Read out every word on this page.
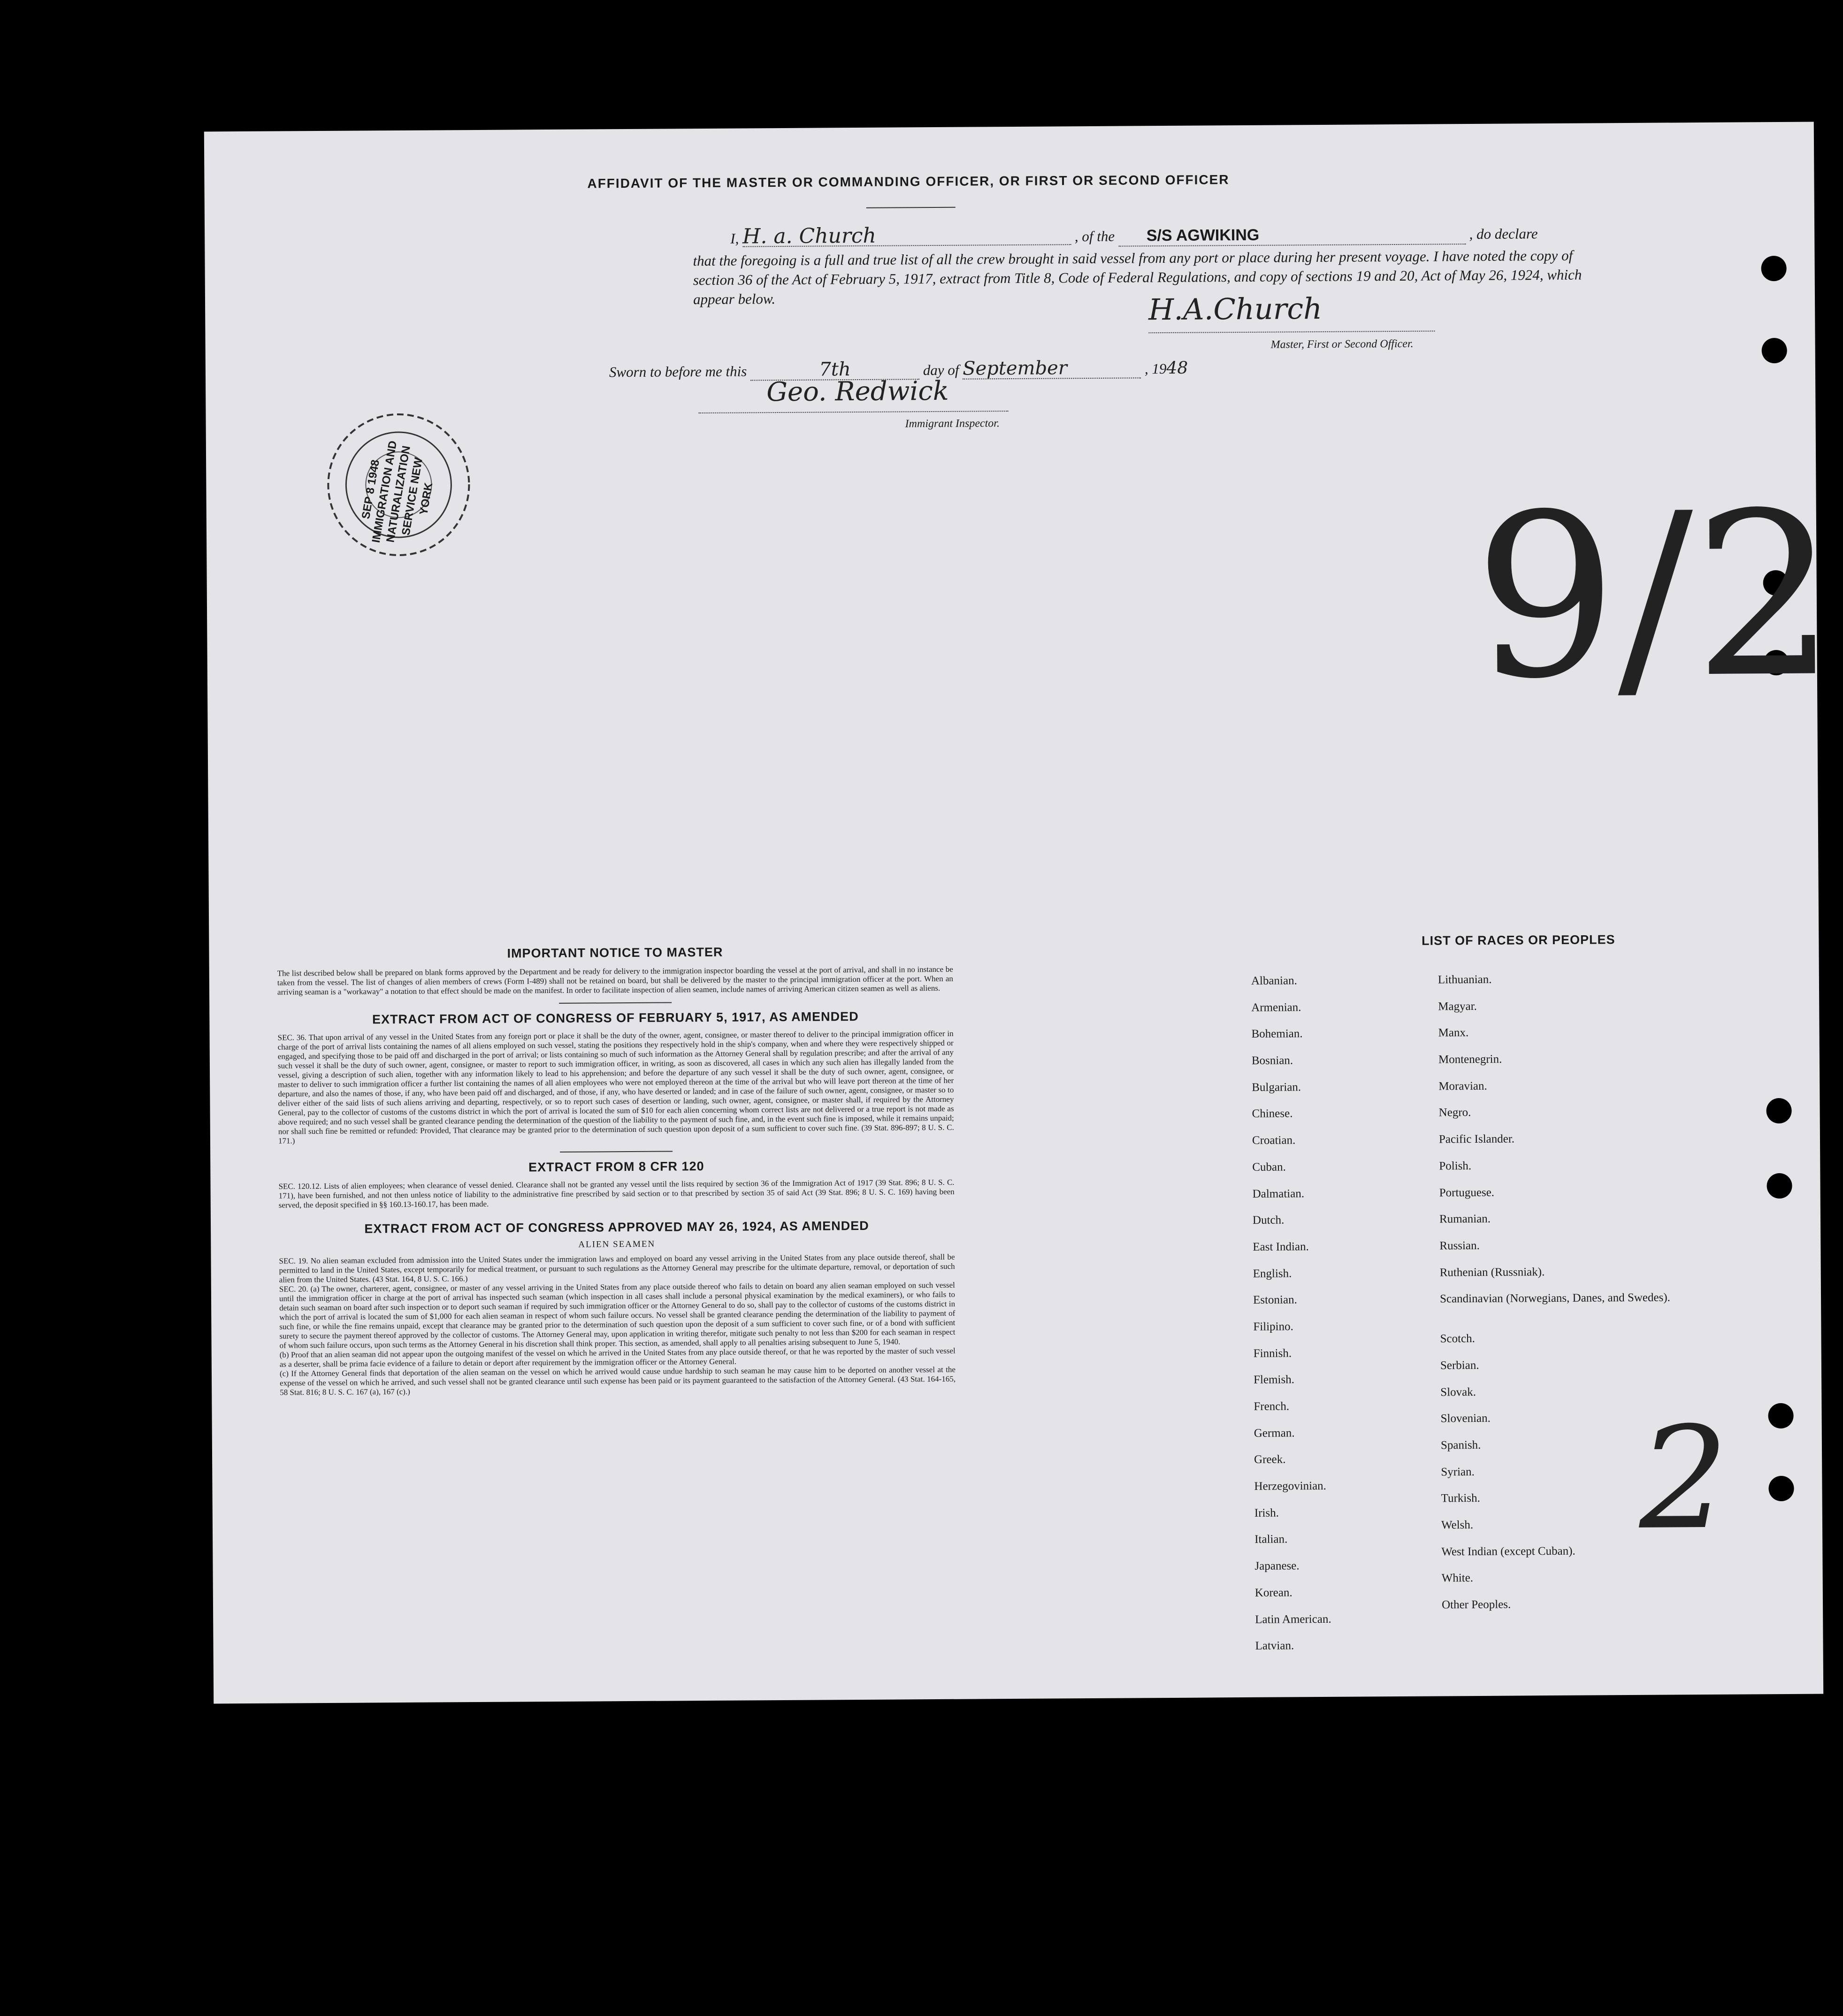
AFFIDAVIT OF THE MASTER OR COMMANDING OFFICER, OR FIRST OR SECOND OFFICER
I, H. a. Church	, of the S/S AGWIKING	, do declare
that the foregoing is a full and true list of all the crew brought in said vessel from any port or place during her present voyage. I have noted the copy of section 36 of the Act of February 5, 1917, extract from Title 8, Code of Federal Regulations, and copy of sections 19 and 20, Act of May 26, 1924, which appear below.	H.A.Church
Master, First or Second Officer.
Sworn to before me this	7th	day of September	, 1948
Geo. Redwick
Immigrant Inspector.
SEP 8 1948 IMMIGRATION AND NATURALIZATION SERVICE NEW YORK	9/2
2
IMPORTANT NOTICE TO MASTER
The list described below shall be prepared on blank forms approved by the Department and be ready for delivery to the immigration inspector boarding the vessel at the port of arrival, and shall in no instance be taken from the vessel. The list of changes of alien members of crews (Form I-489) shall not be retained on board, but shall be delivered by the master to the principal immigration officer at the port. When an arriving seaman is a "workaway" a notation to that effect should be made on the manifest. In order to facilitate inspection of alien seamen, include names of arriving American citizen seamen as well as aliens.
EXTRACT FROM ACT OF CONGRESS OF FEBRUARY 5, 1917, AS AMENDED
SEC. 36. That upon arrival of any vessel in the United States from any foreign port or place it shall be the duty of the owner, agent, consignee, or master thereof to deliver to the principal immigration officer in charge of the port of arrival lists containing the names of all aliens employed on such vessel, stating the positions they respectively hold in the ship's company, when and where they were respectively shipped or engaged, and specifying those to be paid off and discharged in the port of arrival; or lists containing so much of such information as the Attorney General shall by regulation prescribe; and after the arrival of any such vessel it shall be the duty of such owner, agent, consignee, or master to report to such immigration officer, in writing, as soon as discovered, all cases in which any such alien has illegally landed from the vessel, giving a description of such alien, together with any information likely to lead to his apprehension; and before the departure of any such vessel it shall be the duty of such owner, agent, consignee, or master to deliver to such immigration officer a further list containing the names of all alien employees who were not employed thereon at the time of the arrival but who will leave port thereon at the time of her departure, and also the names of those, if any, who have been paid off and discharged, and of those, if any, who have deserted or landed; and in case of the failure of such owner, agent, consignee, or master so to deliver either of the said lists of such aliens arriving and departing, respectively, or so to report such cases of desertion or landing, such owner, agent, consignee, or master shall, if required by the Attorney General, pay to the collector of customs of the customs district in which the port of arrival is located the sum of $10 for each alien concerning whom correct lists are not delivered or a true report is not made as above required; and no such vessel shall be granted clearance pending the determination of the question of the liability to the payment of such fine, and, in the event such fine is imposed, while it remains unpaid; nor shall such fine be remitted or refunded: Provided, That clearance may be granted prior to the determination of such question upon deposit of a sum sufficient to cover such fine. (39 Stat. 896-897; 8 U. S. C. 171.)
EXTRACT FROM 8 CFR 120
SEC. 120.12. Lists of alien employees; when clearance of vessel denied. Clearance shall not be granted any vessel until the lists required by section 36 of the Immigration Act of 1917 (39 Stat. 896; 8 U. S. C. 171), have been furnished, and not then unless notice of liability to the administrative fine prescribed by said section or to that prescribed by section 35 of said Act (39 Stat. 896; 8 U. S. C. 169) having been served, the deposit specified in §§ 160.13-160.17, has been made.
EXTRACT FROM ACT OF CONGRESS APPROVED MAY 26, 1924, AS AMENDED
ALIEN SEAMEN
SEC. 19. No alien seaman excluded from admission into the United States under the immigration laws and employed on board any vessel arriving in the United States from any place outside thereof, shall be permitted to land in the United States, except temporarily for medical treatment, or pursuant to such regulations as the Attorney General may prescribe for the ultimate departure, removal, or deportation of such alien from the United States. (43 Stat. 164, 8 U. S. C. 166.)
SEC. 20. (a) The owner, charterer, agent, consignee, or master of any vessel arriving in the United States from any place outside thereof who fails to detain on board any alien seaman employed on such vessel until the immigration officer in charge at the port of arrival has inspected such seaman (which inspection in all cases shall include a personal physical examination by the medical examiners), or who fails to detain such seaman on board after such inspection or to deport such seaman if required by such immigration officer or the Attorney General to do so, shall pay to the collector of customs of the customs district in which the port of arrival is located the sum of $1,000 for each alien seaman in respect of whom such failure occurs. No vessel shall be granted clearance pending the determination of the liability to payment of such fine, or while the fine remains unpaid, except that clearance may be granted prior to the determination of such question upon the deposit of a sum sufficient to cover such fine, or of a bond with sufficient surety to secure the payment thereof approved by the collector of customs. The Attorney General may, upon application in writing therefor, mitigate such penalty to not less than $200 for each seaman in respect of whom such failure occurs, upon such terms as the Attorney General in his discretion shall think proper. This section, as amended, shall apply to all penalties arising subsequent to June 5, 1940.
(b) Proof that an alien seaman did not appear upon the outgoing manifest of the vessel on which he arrived in the United States from any place outside thereof, or that he was reported by the master of such vessel as a deserter, shall be prima facie evidence of a failure to detain or deport after requirement by the immigration officer or the Attorney General.
(c) If the Attorney General finds that deportation of the alien seaman on the vessel on which he arrived would cause undue hardship to such seaman he may cause him to be deported on another vessel at the expense of the vessel on which he arrived, and such vessel shall not be granted clearance until such expense has been paid or its payment guaranteed to the satisfaction of the Attorney General. (43 Stat. 164-165, 58 Stat. 816; 8 U. S. C. 167 (a), 167 (c).)
LIST OF RACES OR PEOPLES
Albanian.
Armenian.
Bohemian.
Bosnian.
Bulgarian.
Chinese.
Croatian.
Cuban.
Dalmatian.
Dutch.
East Indian.
English.
Estonian.
Filipino.
Finnish.
Flemish.
French.
German.
Greek.
Herzegovinian.
Irish.
Italian.
Japanese.
Korean.
Latin American.
Latvian.
Lithuanian.
Magyar.
Manx.
Montenegrin.
Moravian.
Negro.
Pacific Islander.
Polish.
Portuguese.
Rumanian.
Russian.
Ruthenian (Russniak).
Scandinavian (Norwegians, Danes, and Swedes).
Scotch.
Serbian.
Slovak.
Slovenian.
Spanish.
Syrian.
Turkish.
Welsh.
West Indian (except Cuban).
White.
Other Peoples.
